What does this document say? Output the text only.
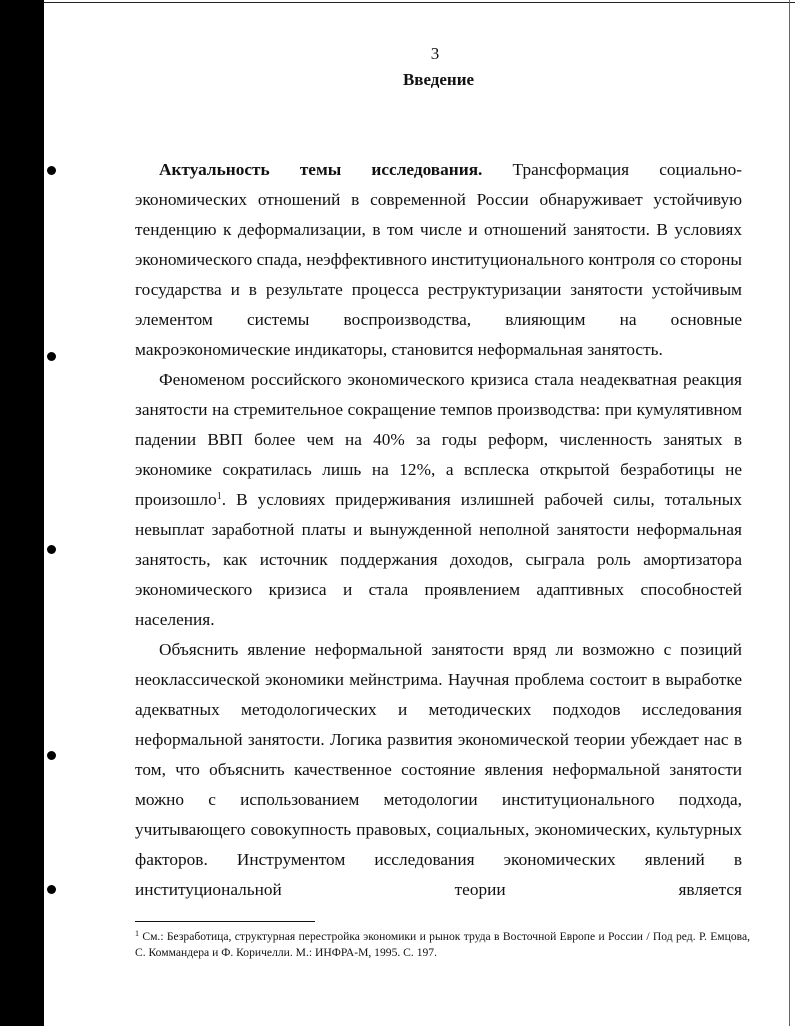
3
Введение

Актуальность темы исследования. Трансформация социально-экономических отношений в современной России обнаруживает устойчивую тенденцию к деформализации, в том числе и отношений занятости. В условиях экономического спада, неэффективного институционального контроля со стороны государства и в результате процесса реструктуризации занятости устойчивым элементом системы воспроизводства, влияющим на основные макроэкономические индикаторы, становится неформальная занятость.

Феноменом российского экономического кризиса стала неадекватная реакция занятости на стремительное сокращение темпов производства: при кумулятивном падении ВВП более чем на 40% за годы реформ, численность занятых в экономике сократилась лишь на 12%, а всплеска открытой безработицы не произошло$^1$. В условиях придерживания излишней рабочей силы, тотальных невыплат заработной платы и вынужденной неполной занятости неформальная занятость, как источник поддержания доходов, сыграла роль амортизатора экономического кризиса и стала проявлением адаптивных способностей населения.

Объяснить явление неформальной занятости вряд ли возможно с позиций неоклассической экономики мейнстрима. Научная проблема состоит в выработке адекватных методологических и методических подходов исследования неформальной занятости. Логика развития экономической теории убеждает нас в том, что объяснить качественное состояние явления неформальной занятости можно с использованием методологии институционального подхода, учитывающего совокупность правовых, социальных, экономических, культурных факторов. Инструментом исследования экономических явлений в институциональной теории является

$^1$ См.: Безработица, структурная перестройка экономики и рынок труда в Восточной Европе и России / Под ред. Р. Емцова, С. Коммандера и Ф. Коричелли. М.: ИНФРА-М, 1995. С. 197.
